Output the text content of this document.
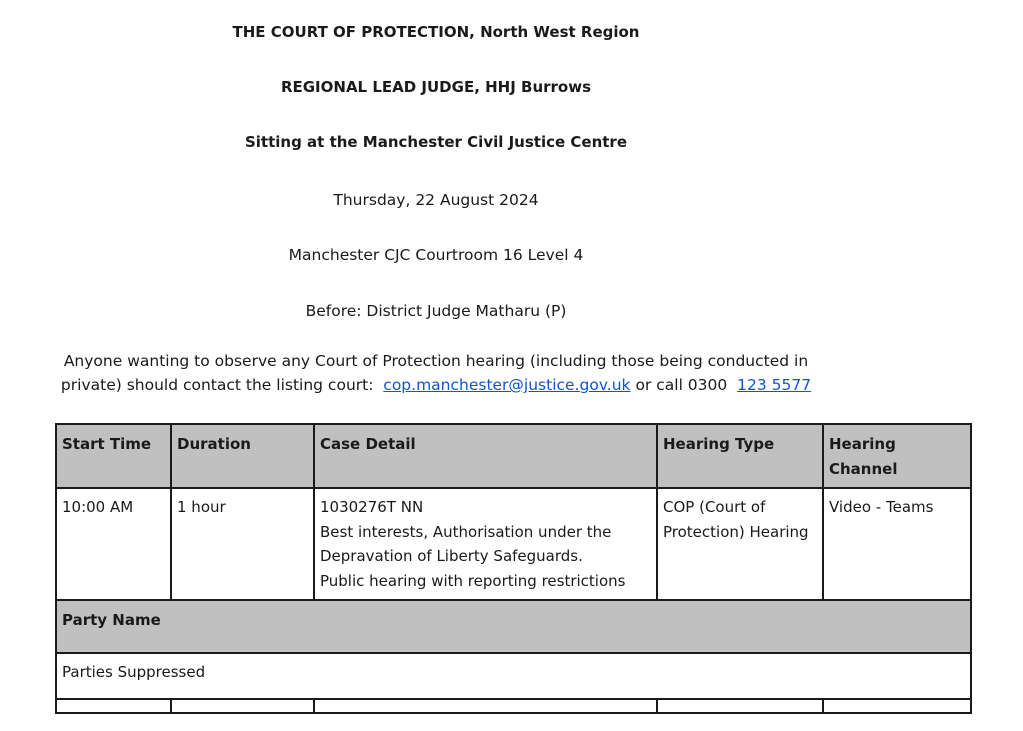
THE COURT OF PROTECTION, North West Region
REGIONAL LEAD JUDGE, HHJ Burrows
Sitting at the Manchester Civil Justice Centre
Thursday, 22 August 2024
Manchester CJC Courtroom 16 Level 4
Before: District Judge Matharu (P)
Anyone wanting to observe any Court of Protection hearing (including those being conducted in
private) should contact the listing court: cop.manchester@justice.gov.uk or call 0300 123 5577
Start Time	Duration	Case Detail	Hearing Type	Hearing Channel
10:00 AM	1 hour	1030276T NN
Best interests, Authorisation under the
Depravation of Liberty Safeguards.
Public hearing with reporting restrictions	COP (Court of
Protection) Hearing	Video - Teams
Party Name				
Parties Suppressed				
